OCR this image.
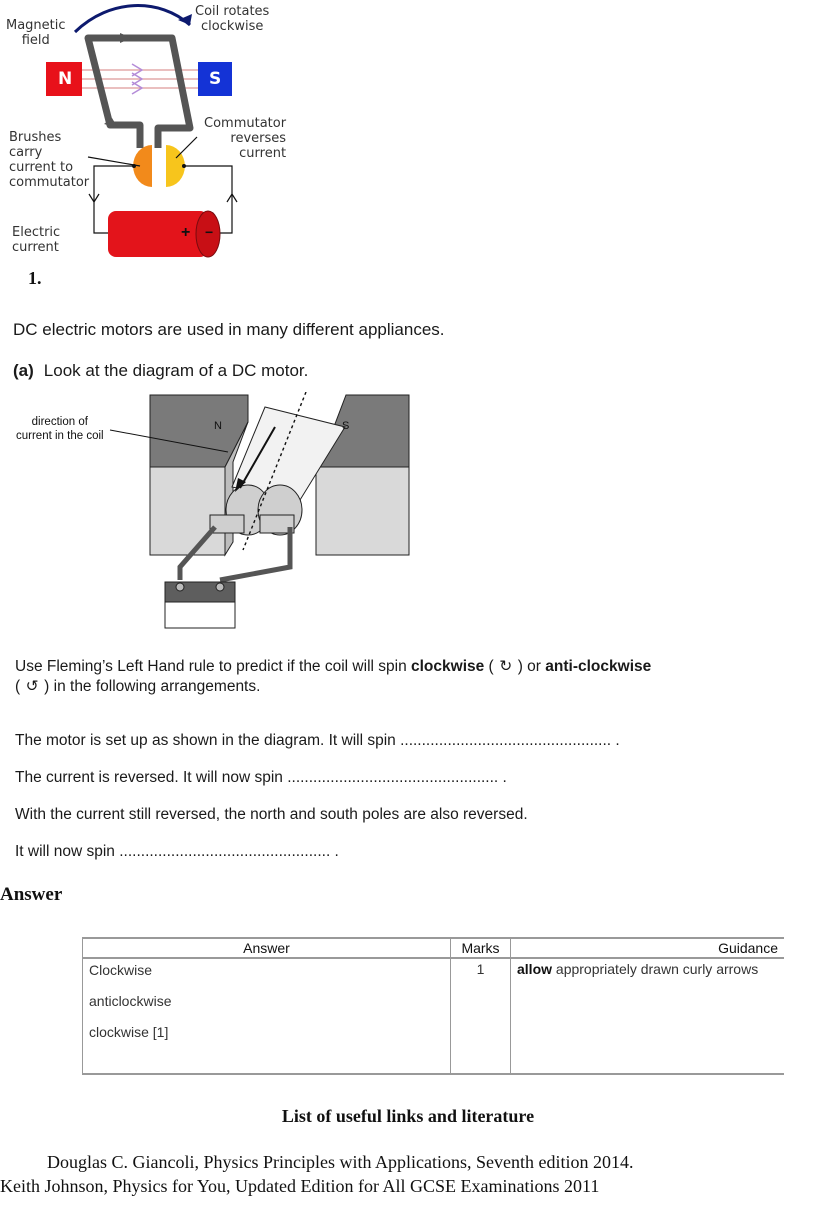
Magnetic
field
Coil rotates
clockwise
N	S
Brushes
carry
current to
commutator
Commutator
reverses
current
Electric
current
+ −
1.
DC electric motors are used in many different appliances.
(a) Look at the diagram of a DC motor.
direction of
current in the coil
N	S
Use Fleming’s Left Hand rule to predict if the coil will spin clockwise ( ↻ ) or anti-clockwise
( ↺ ) in the following arrangements.
The motor is set up as shown in the diagram. It will spin ................................................. .
The current is reversed. It will now spin ................................................. .
With the current still reversed, the north and south poles are also reversed.
It will now spin ................................................. .
Answer
Answer	Marks	Guidance

Clockwise
anticlockwise
clockwise [1]	1	allow appropriately drawn curly arrows
List of useful links and literature
Douglas C. Giancoli, Physics Principles with Applications, Seventh edition 2014.
Keith Johnson, Physics for You, Updated Edition for All GCSE Examinations 2011
